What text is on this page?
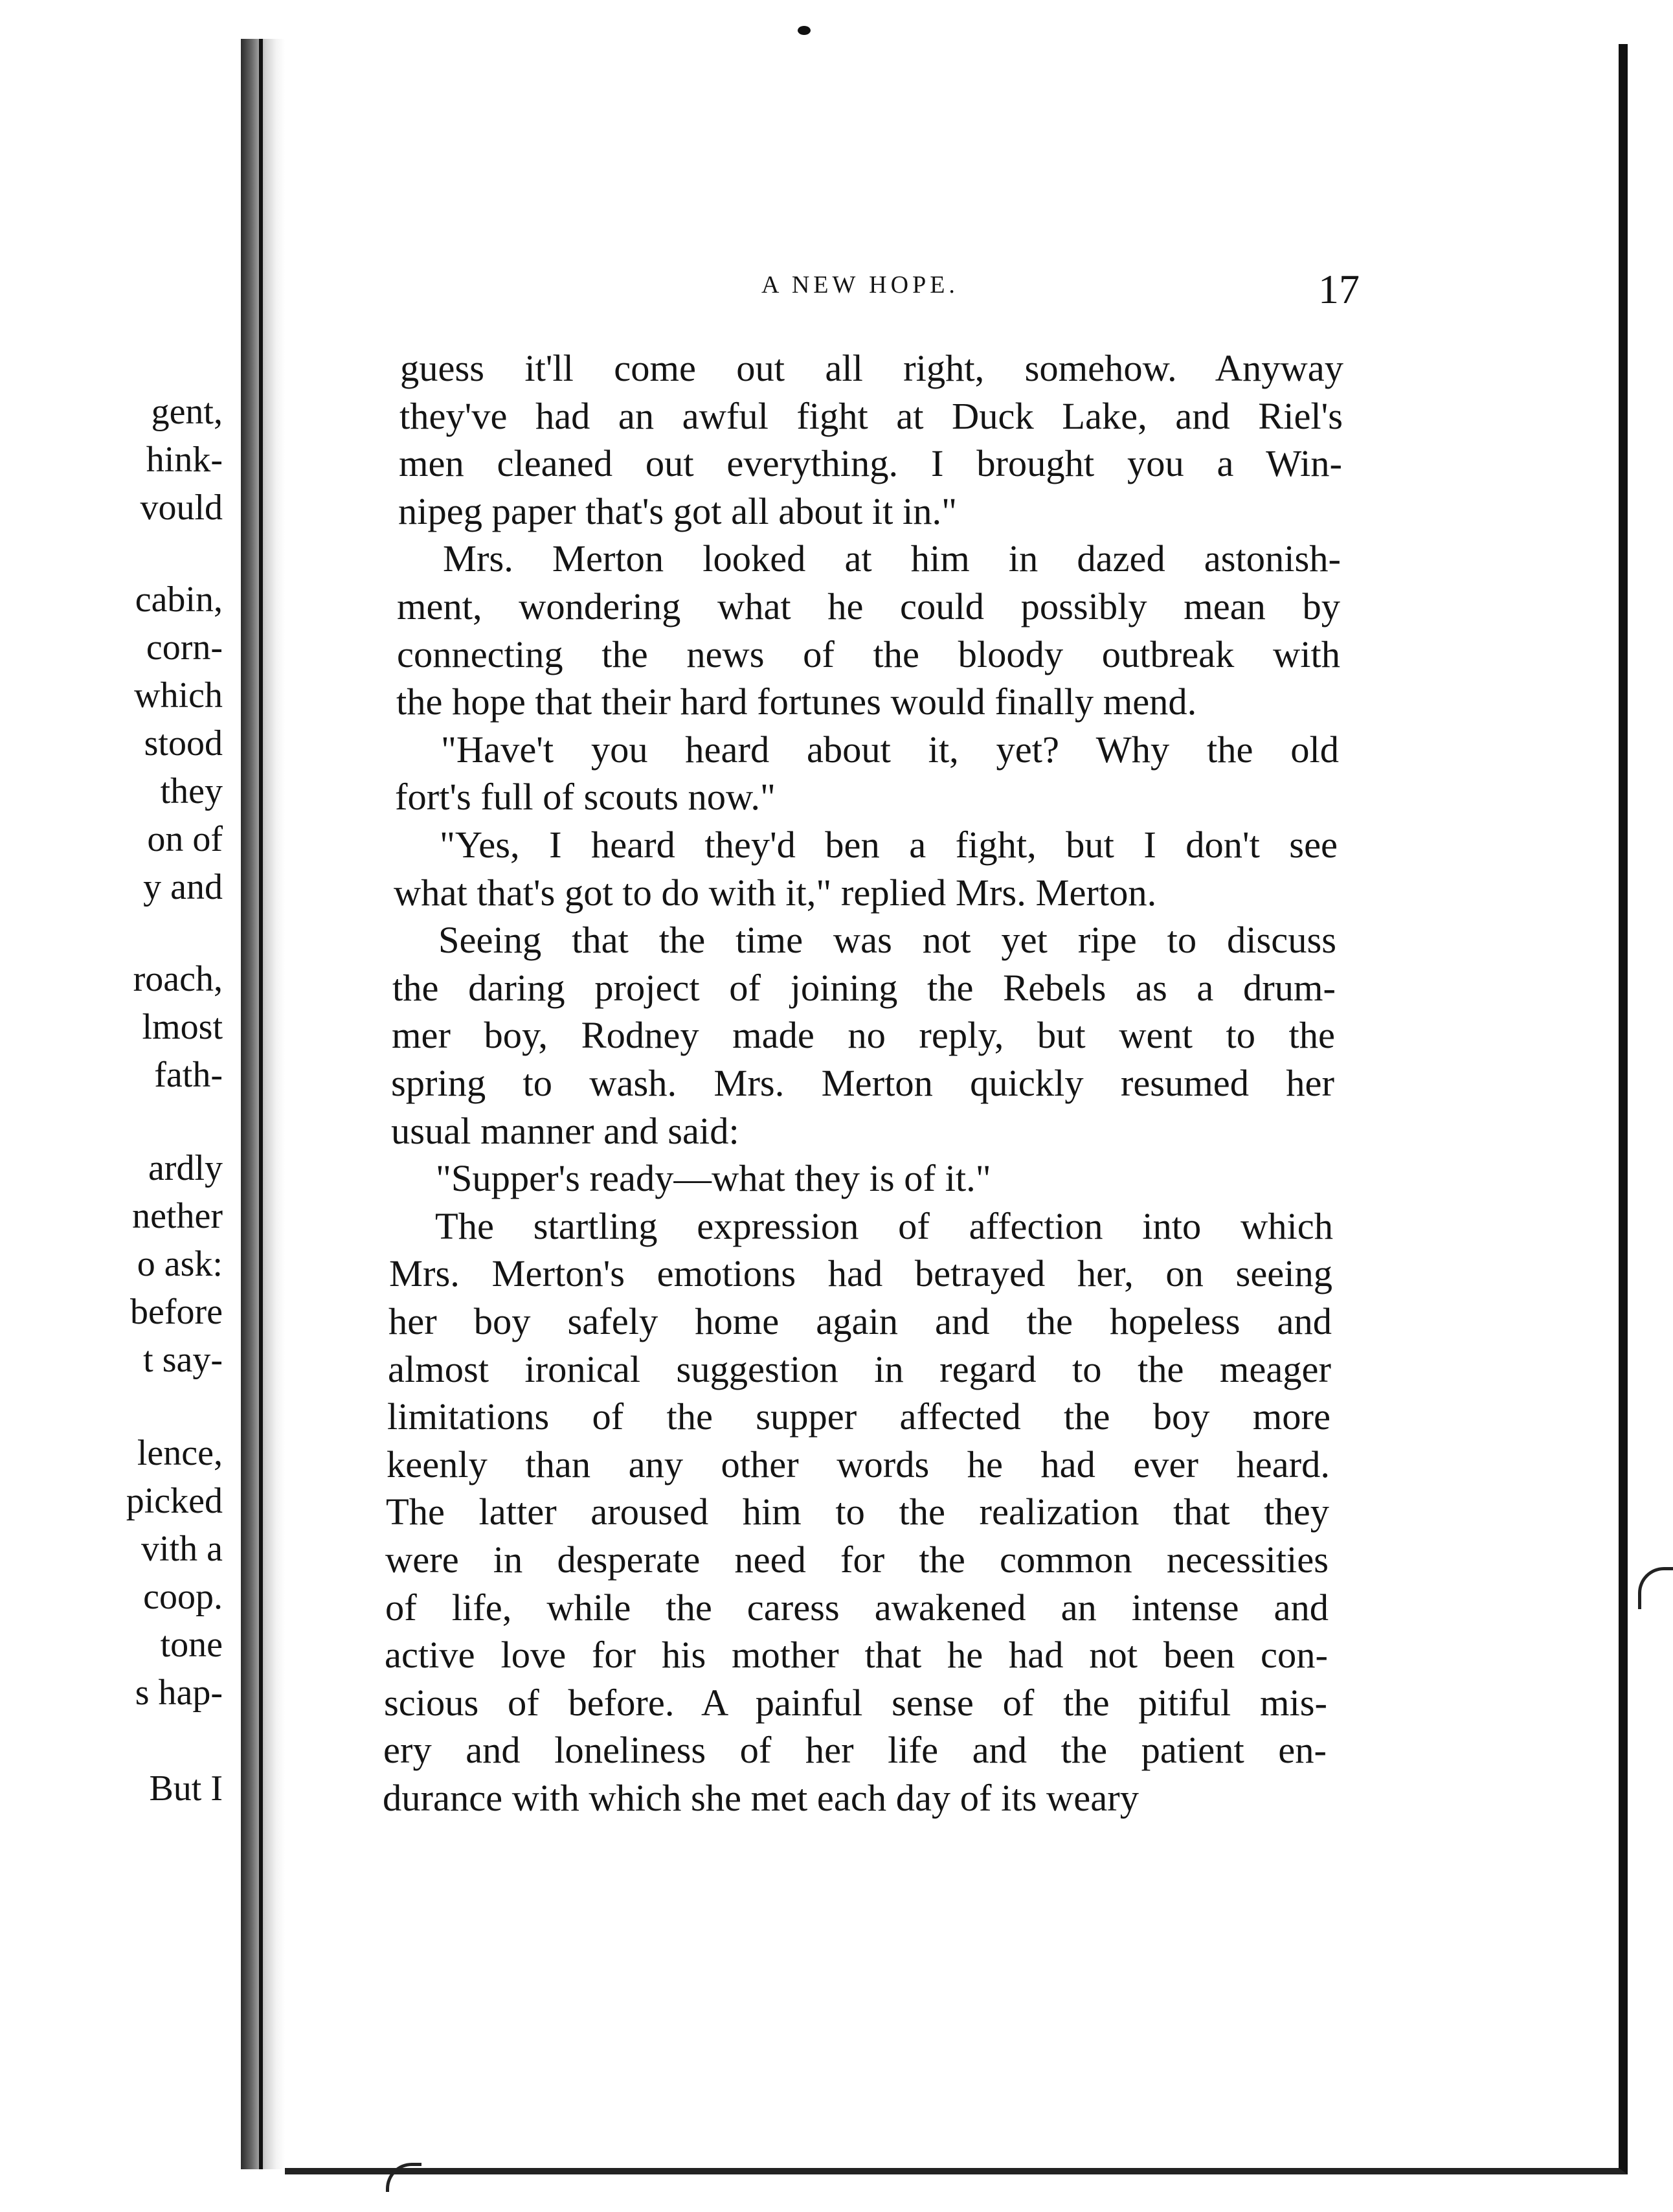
A NEW HOPE.	17
gent,
hink-
vould
cabin,
corn-
which
stood
they
on of
y and
roach,
lmost
fath-
ardly
nether
o ask:
before
t say-
lence,
picked
vith a
coop.
tone
s hap-
But I
guess it'll come out all right, somehow. Anyway
they've had an awful fight at Duck Lake, and Riel's
men cleaned out everything. I brought you a Win-
nipeg paper that's got all about it in."
Mrs. Merton looked at him in dazed astonish-
ment, wondering what he could possibly mean by
connecting the news of the bloody outbreak with
the hope that their hard fortunes would finally mend.
"Have't you heard about it, yet? Why the old
fort's full of scouts now."
"Yes, I heard they'd ben a fight, but I don't see
what that's got to do with it," replied Mrs. Merton.
Seeing that the time was not yet ripe to discuss
the daring project of joining the Rebels as a drum-
mer boy, Rodney made no reply, but went to the
spring to wash. Mrs. Merton quickly resumed her
usual manner and said:
"Supper's ready—what they is of it."
The startling expression of affection into which
Mrs. Merton's emotions had betrayed her, on seeing
her boy safely home again and the hopeless and
almost ironical suggestion in regard to the meager
limitations of the supper affected the boy more
keenly than any other words he had ever heard.
The latter aroused him to the realization that they
were in desperate need for the common necessities
of life, while the caress awakened an intense and
active love for his mother that he had not been con-
scious of before. A painful sense of the pitiful mis-
ery and loneliness of her life and the patient en-
durance with which she met each day of its weary
